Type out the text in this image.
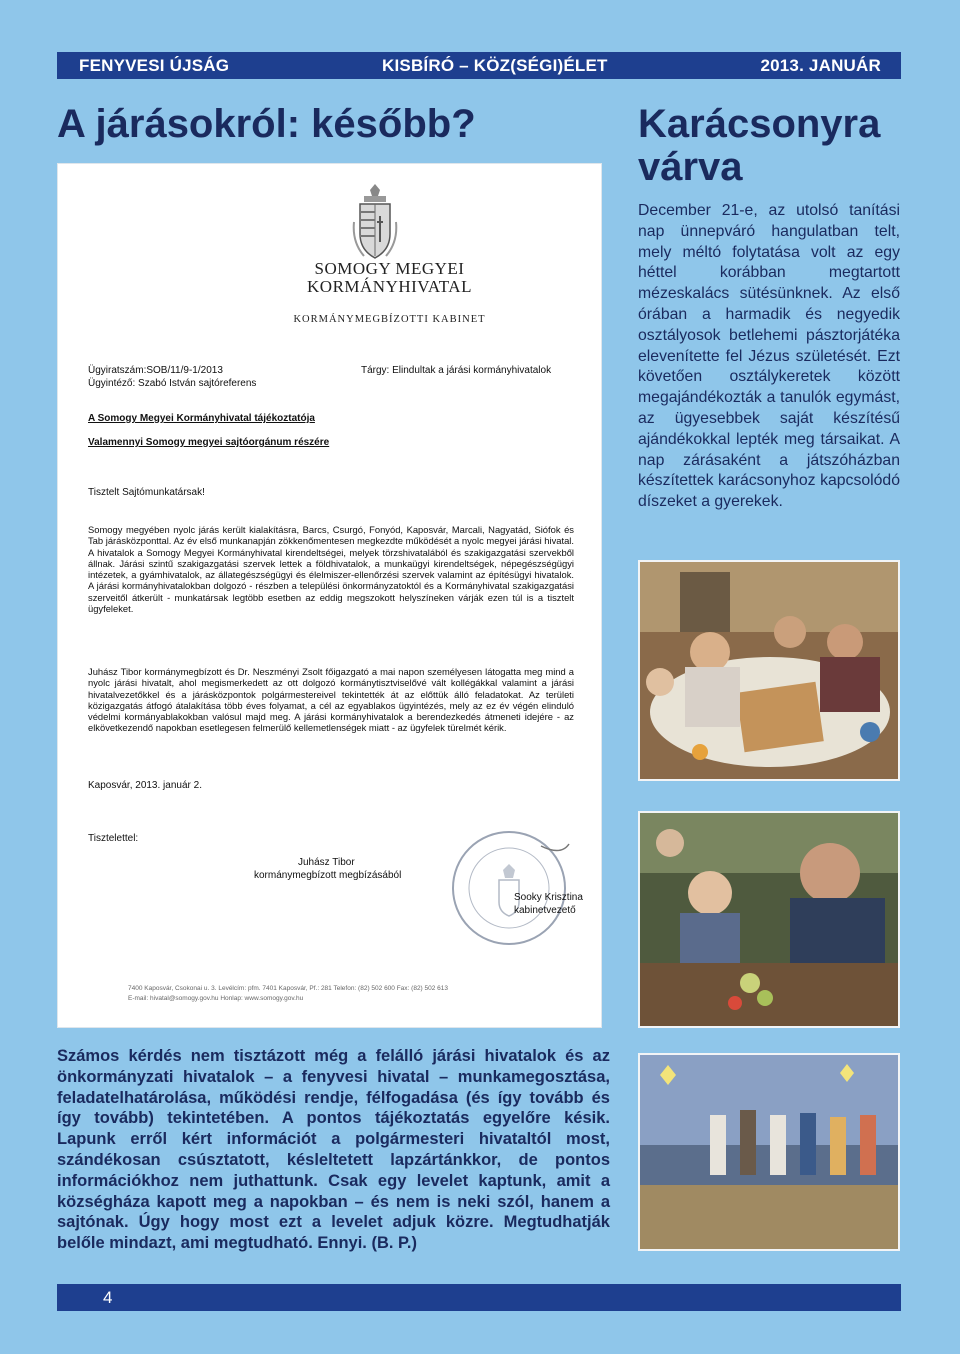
FENYVESI ÚJSÁG	KISBÍRÓ – KÖZ(SÉGI)ÉLET	2013. JANUÁR
A járásokról: később?	Karácsonyra várva
SOMOGY MEGYEI
KORMÁNYHIVATAL
KORMÁNYMEGBÍZOTTI KABINET
Ügyiratszám:SOB/11/9-1/2013
Ügyintéző: Szabó István sajtóreferens
Tárgy: Elindultak a járási kormányhivatalok
A Somogy Megyei Kormányhivatal tájékoztatója
Valamennyi Somogy megyei sajtóorgánum részére
Tisztelt Sajtómunkatársak!
Somogy megyében nyolc járás került kialakításra, Barcs, Csurgó, Fonyód, Kaposvár, Marcali, Nagyatád, Siófok és Tab járásközponttal. Az év első munkanapján zökkenőmentesen megkezdte működését a nyolc megyei járási hivatal. A hivatalok a Somogy Megyei Kormányhivatal kirendeltségei, melyek törzshivatalából és szakigazgatási szervekből állnak. Járási szintű szakigazgatási szervek lettek a földhivatalok, a munkaügyi kirendeltségek, népegészségügyi intézetek, a gyámhivatalok, az állategészségügyi és élelmiszer-ellenőrzési szervek valamint az építésügyi hivatalok. A járási kormányhivatalokban dolgozó - részben a települési önkormányzatoktól és a Kormányhivatal szakigazgatási szerveitől átkerült - munkatársak legtöbb esetben az eddig megszokott helyszíneken várják ezen túl is a tisztelt ügyfeleket.
Juhász Tibor kormánymegbízott és Dr. Neszményi Zsolt főigazgató a mai napon személyesen látogatta meg mind a nyolc járási hivatalt, ahol megismerkedett az ott dolgozó kormánytisztviselővé vált kollégákkal valamint a járási hivatalvezetőkkel és a járásközpontok polgármestereivel tekintették át az előttük álló feladatokat. Az területi közigazgatás átfogó átalakítása több éves folyamat, a cél az egyablakos ügyintézés, mely az ez év végén elinduló védelmi kormányablakokban valósul majd meg. A járási kormányhivatalok a berendezkedés átmeneti idejére - az elkövetkezendő napokban esetlegesen felmerülő kellemetlenségek miatt - az ügyfelek türelmét kérik.
Kaposvár, 2013. január 2.
Tisztelettel:
Juhász Tibor
kormánymegbízott megbízásából
Sooky Krisztina
kabinetvezető
7400 Kaposvár, Csokonai u. 3. Levélcím: pfm. 7401 Kaposvár, Pf.: 281 Telefon: (82) 502 600 Fax: (82) 502 613
E-mail: hivatal@somogy.gov.hu Honlap: www.somogy.gov.hu
December 21-e, az utolsó tanítási nap ünnepváró hangulatban telt, mely méltó folytatása volt az egy héttel korábban megtartott mézeskalács sütésünknek. Az első órában a harmadik és negyedik osztályosok betlehemi pásztorjátéka elevenítette fel Jézus születését. Ezt követően osztálykeretek között megajándékozták a tanulók egymást, az ügyesebbek saját készítésű ajándékokkal lepték meg társaikat. A nap zárásaként a játszóházban készítettek karácsonyhoz kapcsolódó díszeket a gyerekek.
Számos kérdés nem tisztázott még a felálló járási hivatalok és az önkormányzati hivatalok – a fenyvesi hivatal – munkamegosztása, feladatelhatárolása, működési rendje, félfogadása (és így tovább és így tovább) tekintetében. A pontos tájékoztatás egyelőre késik. Lapunk erről kért információt a polgármesteri hivataltól most, szándékosan csúsztatott, késleltetett lapzártánkkor, de pontos információkhoz nem juthattunk. Csak egy levelet kaptunk, amit a községháza kapott meg a napokban – és nem is neki szól, hanem a sajtónak. Úgy hogy most ezt a levelet adjuk közre. Megtudhatják belőle mindazt, ami megtudható. Ennyi. (B. P.)
4
